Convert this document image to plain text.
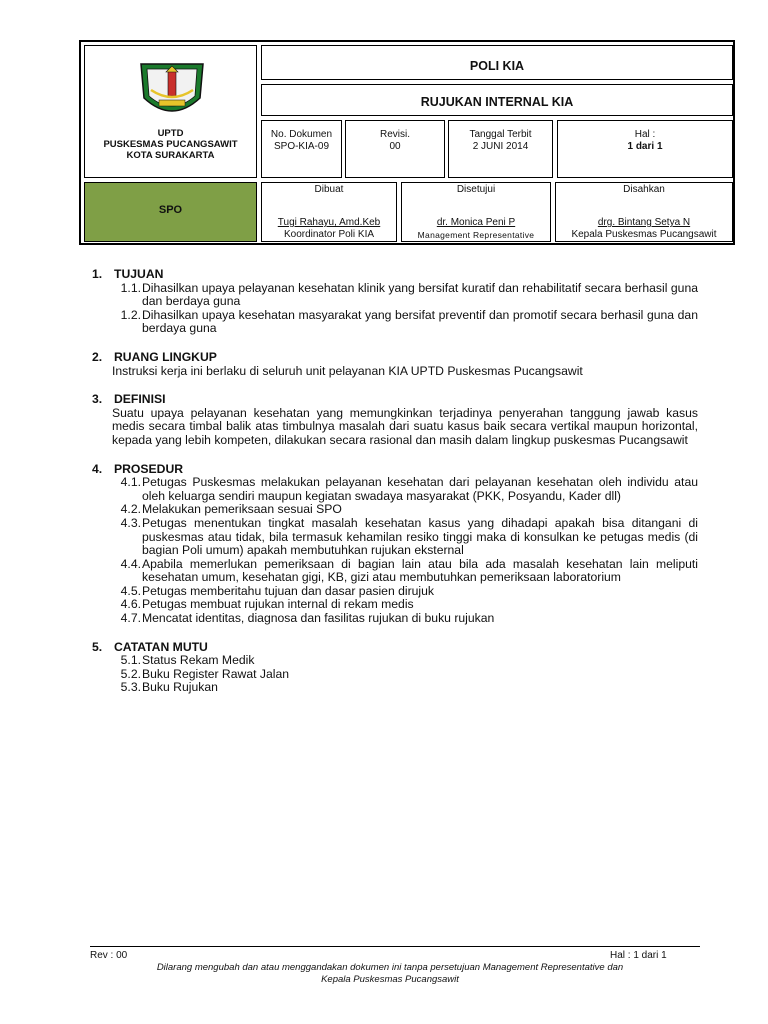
UPTD
PUSKESMAS PUCANGSAWIT
KOTA SURAKARTA
SPO
POLI KIA
RUJUKAN INTERNAL KIA
No. Dokumen
SPO-KIA-09
Revisi.
00
Tanggal Terbit
2 JUNI 2014
Hal :
1 dari 1
Dibuat
Tugi Rahayu, Amd.Keb
Koordinator Poli KIA
Disetujui
dr. Monica Peni P
Management Representative
Disahkan
drg. Bintang Setya N
Kepala Puskesmas Pucangsawit
1. TUJUAN
1.1. Dihasilkan upaya pelayanan kesehatan klinik yang bersifat kuratif dan rehabilitatif secara berhasil guna dan berdaya guna
1.2. Dihasilkan upaya kesehatan masyarakat yang bersifat preventif dan promotif secara berhasil guna dan berdaya guna
2. RUANG LINGKUP
Instruksi kerja ini berlaku di seluruh unit pelayanan KIA UPTD Puskesmas Pucangsawit
3. DEFINISI
Suatu upaya pelayanan kesehatan yang memungkinkan terjadinya penyerahan tanggung jawab kasus medis secara timbal balik atas timbulnya masalah dari suatu kasus baik secara vertikal maupun horizontal, kepada yang lebih kompeten, dilakukan secara rasional dan masih dalam lingkup puskesmas Pucangsawit
4. PROSEDUR
4.1. Petugas Puskesmas melakukan pelayanan kesehatan dari pelayanan kesehatan oleh individu atau oleh keluarga sendiri maupun kegiatan swadaya masyarakat (PKK, Posyandu, Kader dll)
4.2. Melakukan pemeriksaan sesuai SPO
4.3. Petugas menentukan tingkat masalah kesehatan kasus yang dihadapi apakah bisa ditangani di puskesmas atau tidak, bila termasuk kehamilan resiko tinggi maka di konsulkan ke petugas medis (di bagian Poli umum) apakah membutuhkan rujukan eksternal
4.4. Apabila memerlukan pemeriksaan di bagian lain atau bila ada masalah kesehatan lain meliputi kesehatan umum, kesehatan gigi, KB, gizi atau membutuhkan pemeriksaan laboratorium
4.5. Petugas memberitahu tujuan dan dasar pasien dirujuk
4.6. Petugas membuat rujukan internal di rekam medis
4.7. Mencatat identitas, diagnosa dan fasilitas rujukan di buku rujukan
5. CATATAN MUTU
5.1. Status Rekam Medik
5.2. Buku Register Rawat Jalan
5.3. Buku Rujukan
Rev : 00	Hal : 1 dari 1
Dilarang mengubah dan atau menggandakan dokumen ini tanpa persetujuan Management Representative dan
Kepala Puskesmas Pucangsawit
